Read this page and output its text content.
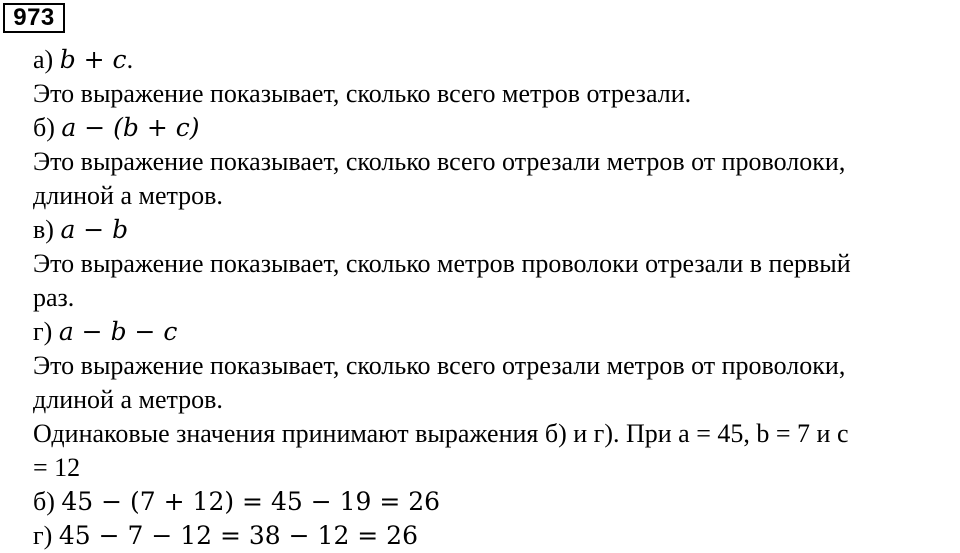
973
а) b + c.
Это выражение показывает, сколько всего метров отрезали.
б) a − (b + c)
Это выражение показывает, сколько всего отрезали метров от проволоки,
длиной а метров.
в) a − b
Это выражение показывает, сколько метров проволоки отрезали в первый
раз.
г) a − b − c
Это выражение показывает, сколько всего отрезали метров от проволоки,
длиной а метров.
Одинаковые значения принимают выражения б) и г). При a = 45, b = 7 и c
= 12
б) 45 − (7 + 12) = 45 − 19 = 26
г) 45 − 7 − 12 = 38 − 12 = 26
